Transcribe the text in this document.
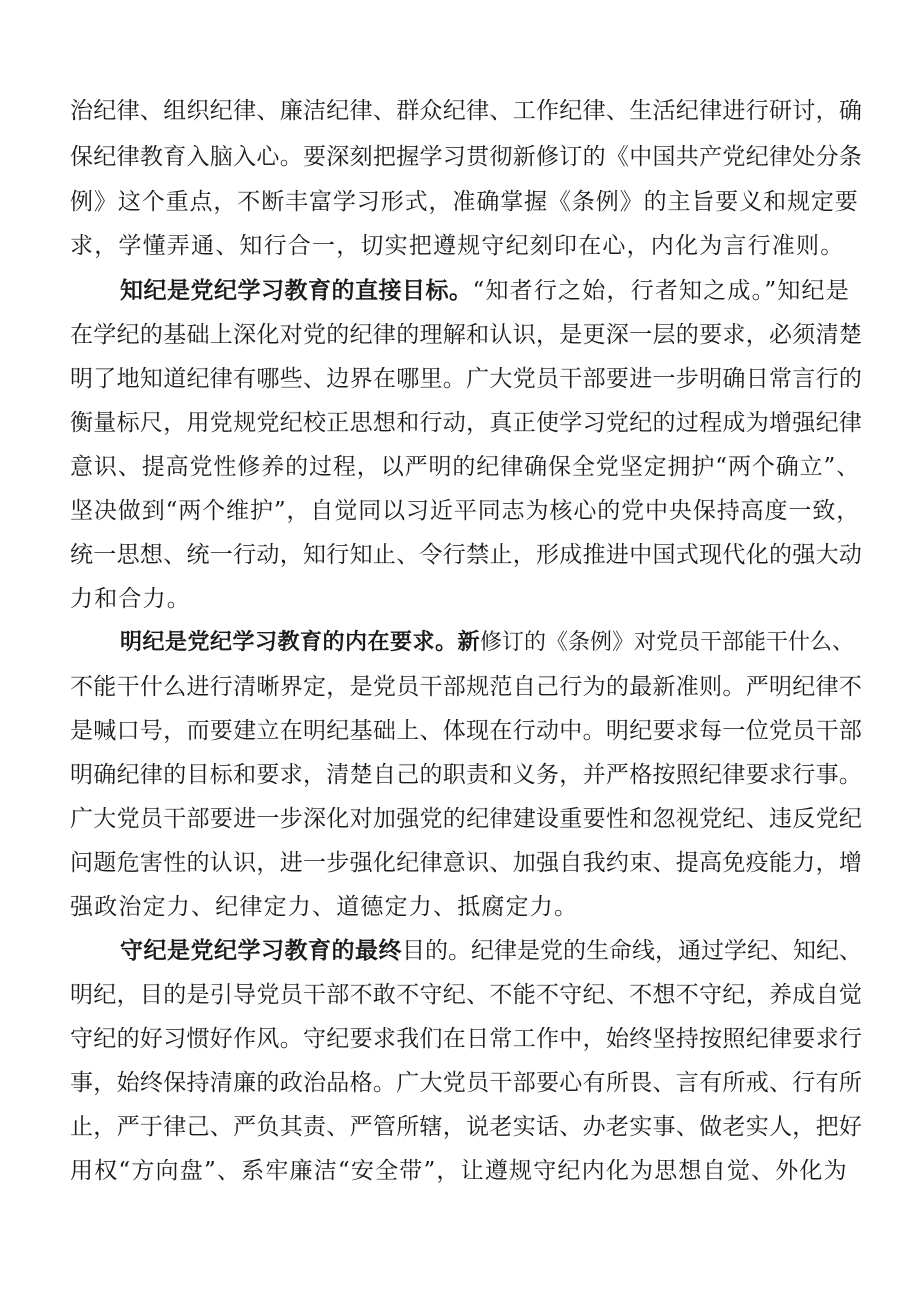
治纪律、组织纪律、廉洁纪律、群众纪律、工作纪律、生活纪律进行研讨，确
保纪律教育入脑入心。要深刻把握学习贯彻新修订的《中国共产党纪律处分条
例》这个重点，不断丰富学习形式，准确掌握《条例》的主旨要义和规定要
求，学懂弄通、知行合一，切实把遵规守纪刻印在心，内化为言行准则。
知纪是党纪学习教育的直接目标。“知者行之始，行者知之成。”知纪是
在学纪的基础上深化对党的纪律的理解和认识，是更深一层的要求，必须清楚
明了地知道纪律有哪些、边界在哪里。广大党员干部要进一步明确日常言行的
衡量标尺，用党规党纪校正思想和行动，真正使学习党纪的过程成为增强纪律
意识、提高党性修养的过程，以严明的纪律确保全党坚定拥护“两个确立”、
坚决做到“两个维护”，自觉同以习近平同志为核心的党中央保持高度一致，
统一思想、统一行动，知行知止、令行禁止，形成推进中国式现代化的强大动
力和合力。
明纪是党纪学习教育的内在要求。新修订的《条例》对党员干部能干什么、
不能干什么进行清晰界定，是党员干部规范自己行为的最新准则。严明纪律不
是喊口号，而要建立在明纪基础上、体现在行动中。明纪要求每一位党员干部
明确纪律的目标和要求，清楚自己的职责和义务，并严格按照纪律要求行事。
广大党员干部要进一步深化对加强党的纪律建设重要性和忽视党纪、违反党纪
问题危害性的认识，进一步强化纪律意识、加强自我约束、提高免疫能力，增
强政治定力、纪律定力、道德定力、抵腐定力。
守纪是党纪学习教育的最终目的。纪律是党的生命线，通过学纪、知纪、
明纪，目的是引导党员干部不敢不守纪、不能不守纪、不想不守纪，养成自觉
守纪的好习惯好作风。守纪要求我们在日常工作中，始终坚持按照纪律要求行
事，始终保持清廉的政治品格。广大党员干部要心有所畏、言有所戒、行有所
止，严于律己、严负其责、严管所辖，说老实话、办老实事、做老实人，把好
用权“方向盘”、系牢廉洁“安全带”，让遵规守纪内化为思想自觉、外化为
